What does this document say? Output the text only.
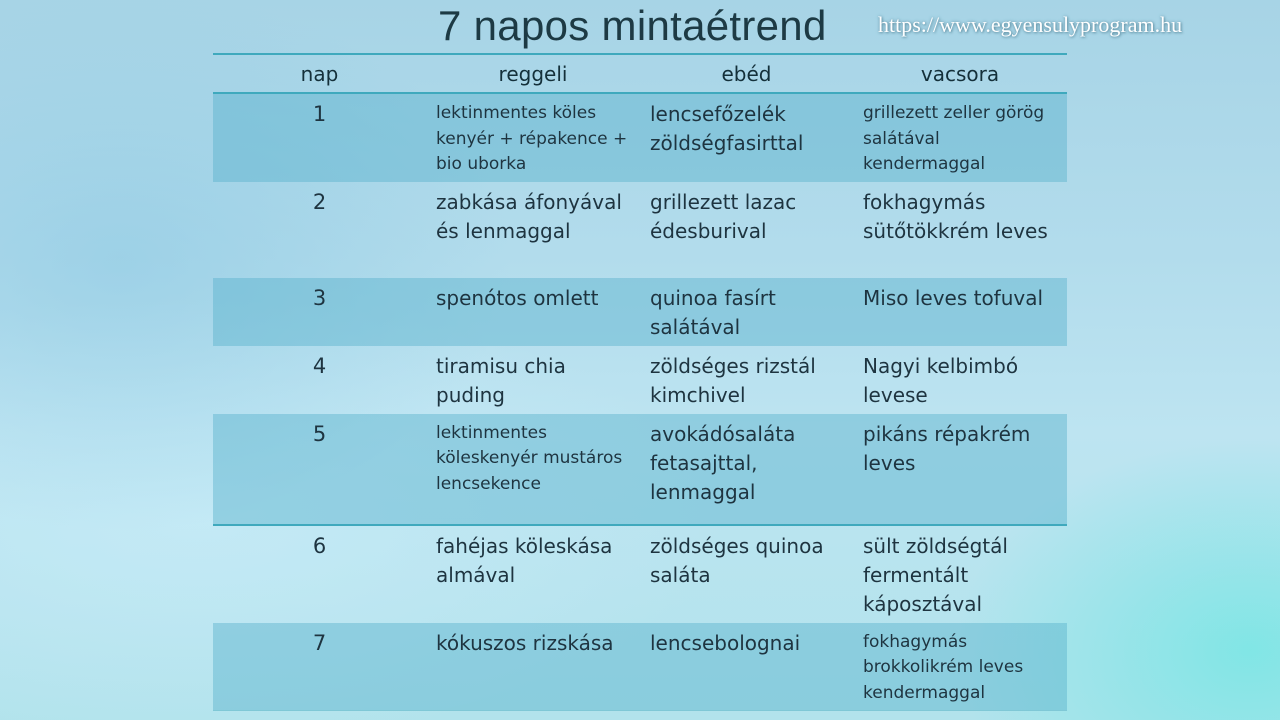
7 napos mintaétrend https://www.egyensulyprogram.hu
nap	reggeli	ebéd	vacsora
1	lektinmentes köles kenyér + répakence + bio uborka	lencsefőzelék zöldségfasirttal	grillezett zeller görög salátával kendermaggal
2	zabkása áfonyával és lenmaggal	grillezett lazac édesburival	fokhagymás sütőtökkrém leves
3	spenótos omlett	quinoa fasírt salátával	Miso leves tofuval
4	tiramisu chia puding	zöldséges rizstál kimchivel	Nagyi kelbimbó levese
5	lektinmentes köleskenyér mustáros lencsekence	avokádósaláta fetasajttal, lenmaggal	pikáns répakrém leves
6	fahéjas köleskása almával	zöldséges quinoa saláta	sült zöldségtál fermentált káposztával
7	kókuszos rizskása	lencsebolognai	fokhagymás brokkolikrém leves kendermaggal
